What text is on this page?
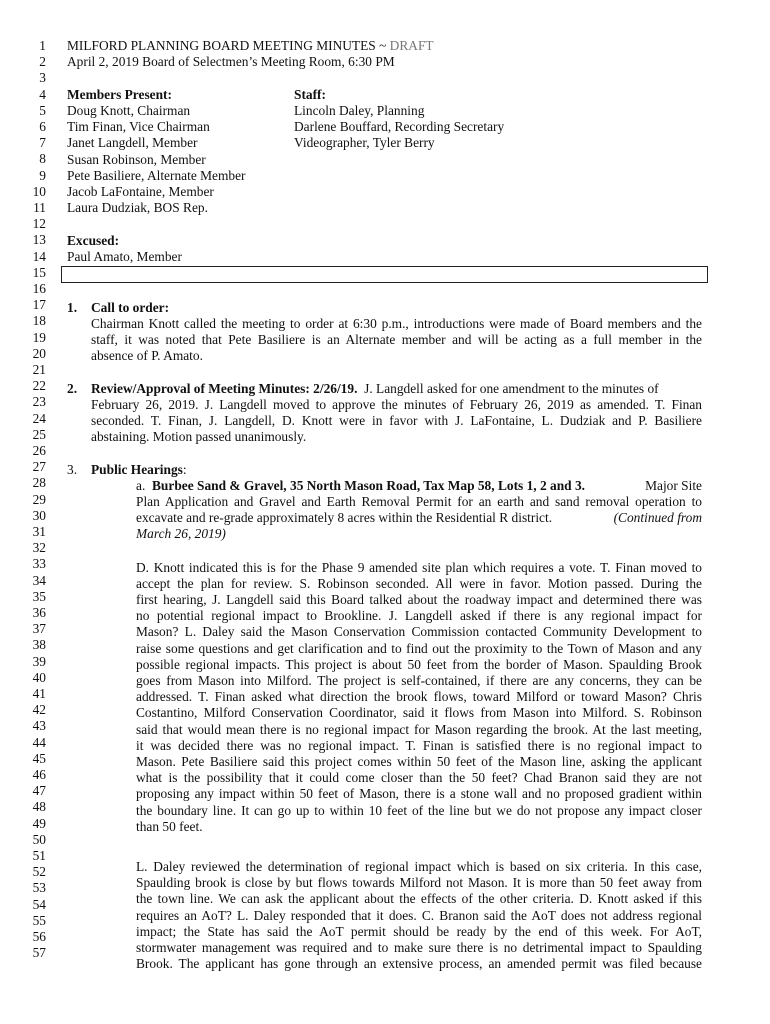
1
2
3
4
5
6
7
8
9
10
11
12
13
14
15
16
17
18
19
20
21
22
23
24
25
26
27
28
29
30
31
32
33
34
35
36
37
38
39
40
41
42
43
44
45
46
47
48
49
50
51
52
53
54
55
56
57
MILFORD PLANNING BOARD MEETING MINUTES ~ DRAFT
April 2, 2019 Board of Selectmen’s Meeting Room, 6:30 PM
Members Present:
Doug Knott, Chairman
Tim Finan, Vice Chairman
Janet Langdell, Member
Susan Robinson, Member
Pete Basiliere, Alternate Member
Jacob LaFontaine, Member
Laura Dudziak, BOS Rep.
Staff:
Lincoln Daley, Planning
Darlene Bouffard, Recording Secretary
Videographer, Tyler Berry
Excused:
Paul Amato, Member
1. Call to order:
Chairman Knott called the meeting to order at 6:30 p.m., introductions were made of Board members and the
staff, it was noted that Pete Basiliere is an Alternate member and will be acting as a full member in the
absence of P. Amato.
2. Review/Approval of Meeting Minutes: 2/26/19. J. Langdell asked for one amendment to the minutes of
February 26, 2019. J. Langdell moved to approve the minutes of February 26, 2019 as amended. T. Finan
seconded. T. Finan, J. Langdell, D. Knott were in favor with J. LaFontaine, L. Dudziak and P. Basiliere
abstaining. Motion passed unanimously.
3. Public Hearings:
a. Burbee Sand & Gravel, 35 North Mason Road, Tax Map 58, Lots 1, 2 and 3.	Major Site
Plan Application and Gravel and Earth Removal Permit for an earth and sand removal operation to
excavate and re-grade approximately 8 acres within the Residential R district.	(Continued from
March 26, 2019)
D. Knott indicated this is for the Phase 9 amended site plan which requires a vote. T. Finan moved to
accept the plan for review. S. Robinson seconded. All were in favor. Motion passed. During the
first hearing, J. Langdell said this Board talked about the roadway impact and determined there was
no potential regional impact to Brookline. J. Langdell asked if there is any regional impact for
Mason? L. Daley said the Mason Conservation Commission contacted Community Development to
raise some questions and get clarification and to find out the proximity to the Town of Mason and any
possible regional impacts. This project is about 50 feet from the border of Mason. Spaulding Brook
goes from Mason into Milford. The project is self-contained, if there are any concerns, they can be
addressed. T. Finan asked what direction the brook flows, toward Milford or toward Mason? Chris
Costantino, Milford Conservation Coordinator, said it flows from Mason into Milford. S. Robinson
said that would mean there is no regional impact for Mason regarding the brook. At the last meeting,
it was decided there was no regional impact. T. Finan is satisfied there is no regional impact to
Mason. Pete Basiliere said this project comes within 50 feet of the Mason line, asking the applicant
what is the possibility that it could come closer than the 50 feet? Chad Branon said they are not
proposing any impact within 50 feet of Mason, there is a stone wall and no proposed gradient within
the boundary line. It can go up to within 10 feet of the line but we do not propose any impact closer
than 50 feet.
L. Daley reviewed the determination of regional impact which is based on six criteria. In this case,
Spaulding brook is close by but flows towards Milford not Mason. It is more than 50 feet away from
the town line. We can ask the applicant about the effects of the other criteria. D. Knott asked if this
requires an AoT? L. Daley responded that it does. C. Branon said the AoT does not address regional
impact; the State has said the AoT permit should be ready by the end of this week. For AoT,
stormwater management was required and to make sure there is no detrimental impact to Spaulding
Brook. The applicant has gone through an extensive process, an amended permit was filed because
